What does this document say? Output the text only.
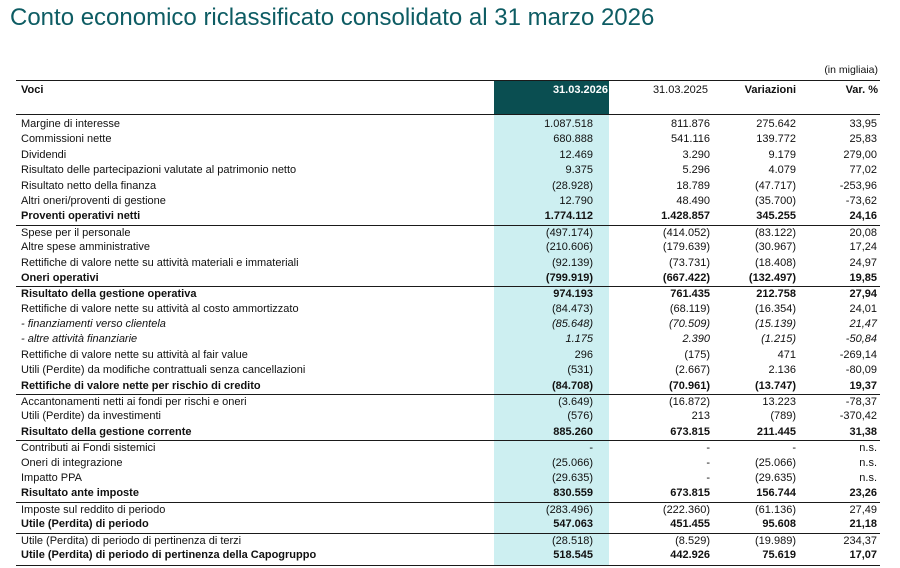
Conto economico riclassificato consolidato al 31 marzo 2026
(in migliaia)
Voci	31.03.2026	31.03.2025	Variazioni	Var. %
Margine di interesse	1.087.518	811.876	275.642	33,95
Commissioni nette	680.888	541.116	139.772	25,83
Dividendi	12.469	3.290	9.179	279,00
Risultato delle partecipazioni valutate al patrimonio netto	9.375	5.296	4.079	77,02
Risultato netto della finanza	(28.928)	18.789	(47.717)	-253,96
Altri oneri/proventi di gestione	12.790	48.490	(35.700)	-73,62
Proventi operativi netti	1.774.112	1.428.857	345.255	24,16
Spese per il personale	(497.174)	(414.052)	(83.122)	20,08
Altre spese amministrative	(210.606)	(179.639)	(30.967)	17,24
Rettifiche di valore nette su attività materiali e immateriali	(92.139)	(73.731)	(18.408)	24,97
Oneri operativi	(799.919)	(667.422)	(132.497)	19,85
Risultato della gestione operativa	974.193	761.435	212.758	27,94
Rettifiche di valore nette su attività al costo ammortizzato	(84.473)	(68.119)	(16.354)	24,01
- finanziamenti verso clientela	(85.648)	(70.509)	(15.139)	21,47
- altre attività finanziarie	1.175	2.390	(1.215)	-50,84
Rettifiche di valore nette su attività al fair value	296	(175)	471	-269,14
Utili (Perdite) da modifiche contrattuali senza cancellazioni	(531)	(2.667)	2.136	-80,09
Rettifiche di valore nette per rischio di credito	(84.708)	(70.961)	(13.747)	19,37
Accantonamenti netti ai fondi per rischi e oneri	(3.649)	(16.872)	13.223	-78,37
Utili (Perdite) da investimenti	(576)	213	(789)	-370,42
Risultato della gestione corrente	885.260	673.815	211.445	31,38
Contributi ai Fondi sistemici	-	-	-	n.s.
Oneri di integrazione	(25.066)	-	(25.066)	n.s.
Impatto PPA	(29.635)	-	(29.635)	n.s.
Risultato ante imposte	830.559	673.815	156.744	23,26
Imposte sul reddito di periodo	(283.496)	(222.360)	(61.136)	27,49
Utile (Perdita) di periodo	547.063	451.455	95.608	21,18
Utile (Perdita) di periodo di pertinenza di terzi	(28.518)	(8.529)	(19.989)	234,37
Utile (Perdita) di periodo di pertinenza della Capogruppo	518.545	442.926	75.619	17,07
